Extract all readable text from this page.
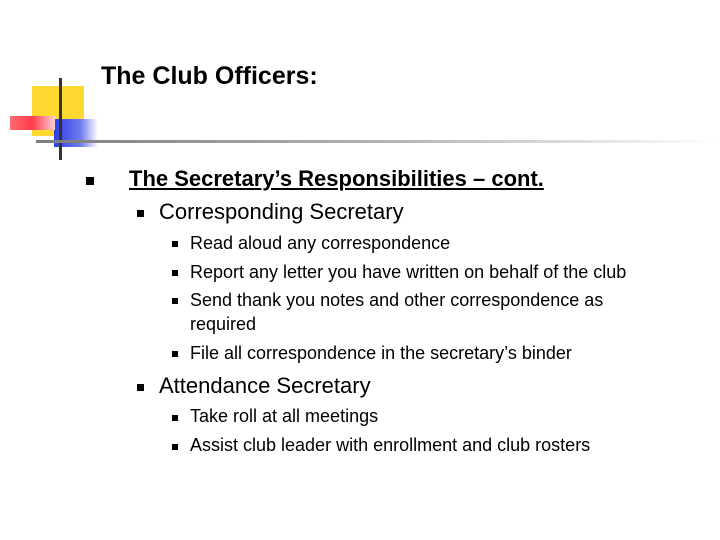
The Club Officers:
The Secretary’s Responsibilities – cont.
Corresponding Secretary
Read aloud any correspondence
Report any letter you have written on behalf of the club
Send thank you notes and other correspondence as
required
File all correspondence in the secretary’s binder
Attendance Secretary
Take roll at all meetings
Assist club leader with enrollment and club rosters
